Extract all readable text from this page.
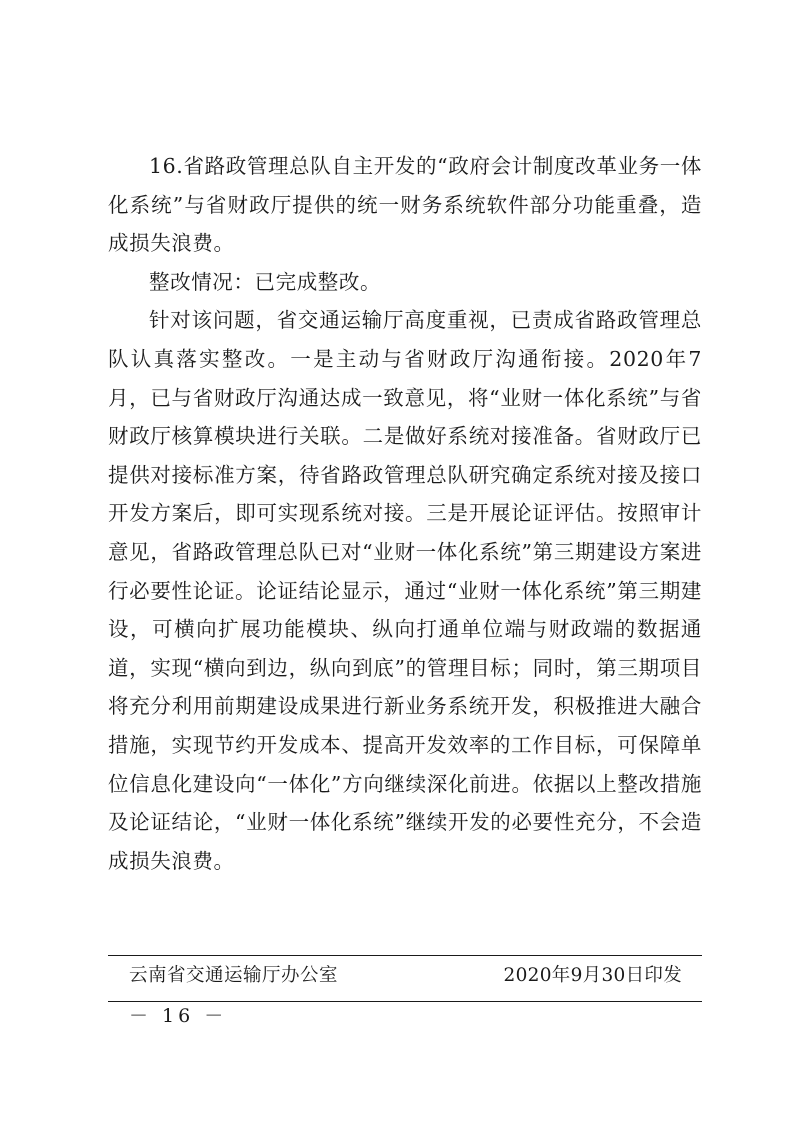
16.省路政管理总队自主开发的“政府会计制度改革业务一体化系统”与省财政厅提供的统一财务系统软件部分功能重叠，造成损失浪费。

整改情况：已完成整改。

针对该问题，省交通运输厅高度重视，已责成省路政管理总队认真落实整改。一是主动与省财政厅沟通衔接。2020年7月，已与省财政厅沟通达成一致意见，将“业财一体化系统”与省财政厅核算模块进行关联。二是做好系统对接准备。省财政厅已提供对接标准方案，待省路政管理总队研究确定系统对接及接口开发方案后，即可实现系统对接。三是开展论证评估。按照审计意见，省路政管理总队已对“业财一体化系统”第三期建设方案进行必要性论证。论证结论显示，通过“业财一体化系统”第三期建设，可横向扩展功能模块、纵向打通单位端与财政端的数据通道，实现“横向到边，纵向到底”的管理目标；同时，第三期项目将充分利用前期建设成果进行新业务系统开发，积极推进大融合措施，实现节约开发成本、提高开发效率的工作目标，可保障单位信息化建设向“一体化”方向继续深化前进。依据以上整改措施及论证结论，“业财一体化系统”继续开发的必要性充分，不会造成损失浪费。

云南省交通运输厅办公室	2020年9月30日印发
－ 16 －
